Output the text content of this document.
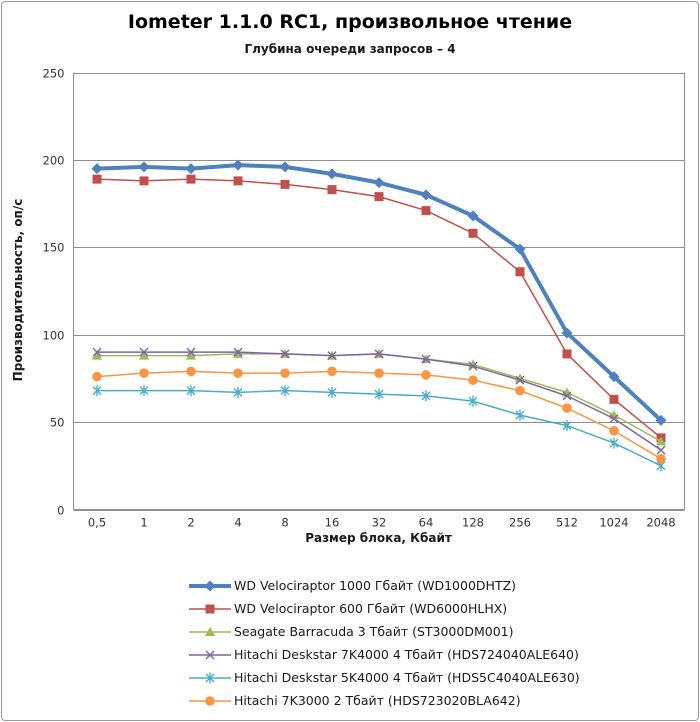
Iometer 1.1.0 RC1, произвольное чтение
Глубина очереди запросов – 4
0
50
100
150
200
250
0,5	1	2	4	8	16	32	64 128 256 512 1024 2048
Производительность, оп/с
Размер блока, Кбайт
WD Velociraptor 1000 Гбайт (WD1000DHTZ)
WD Velociraptor 600 Гбайт (WD6000HLHX)
Seagate Barracuda 3 Тбайт (ST3000DM001)
Hitachi Deskstar 7K4000 4 Тбайт (HDS724040ALE640)
Hitachi Deskstar 5K4000 4 Тбайт (HDS5C4040ALE630)
Hitachi 7K3000 2 Тбайт (HDS723020BLA642)
